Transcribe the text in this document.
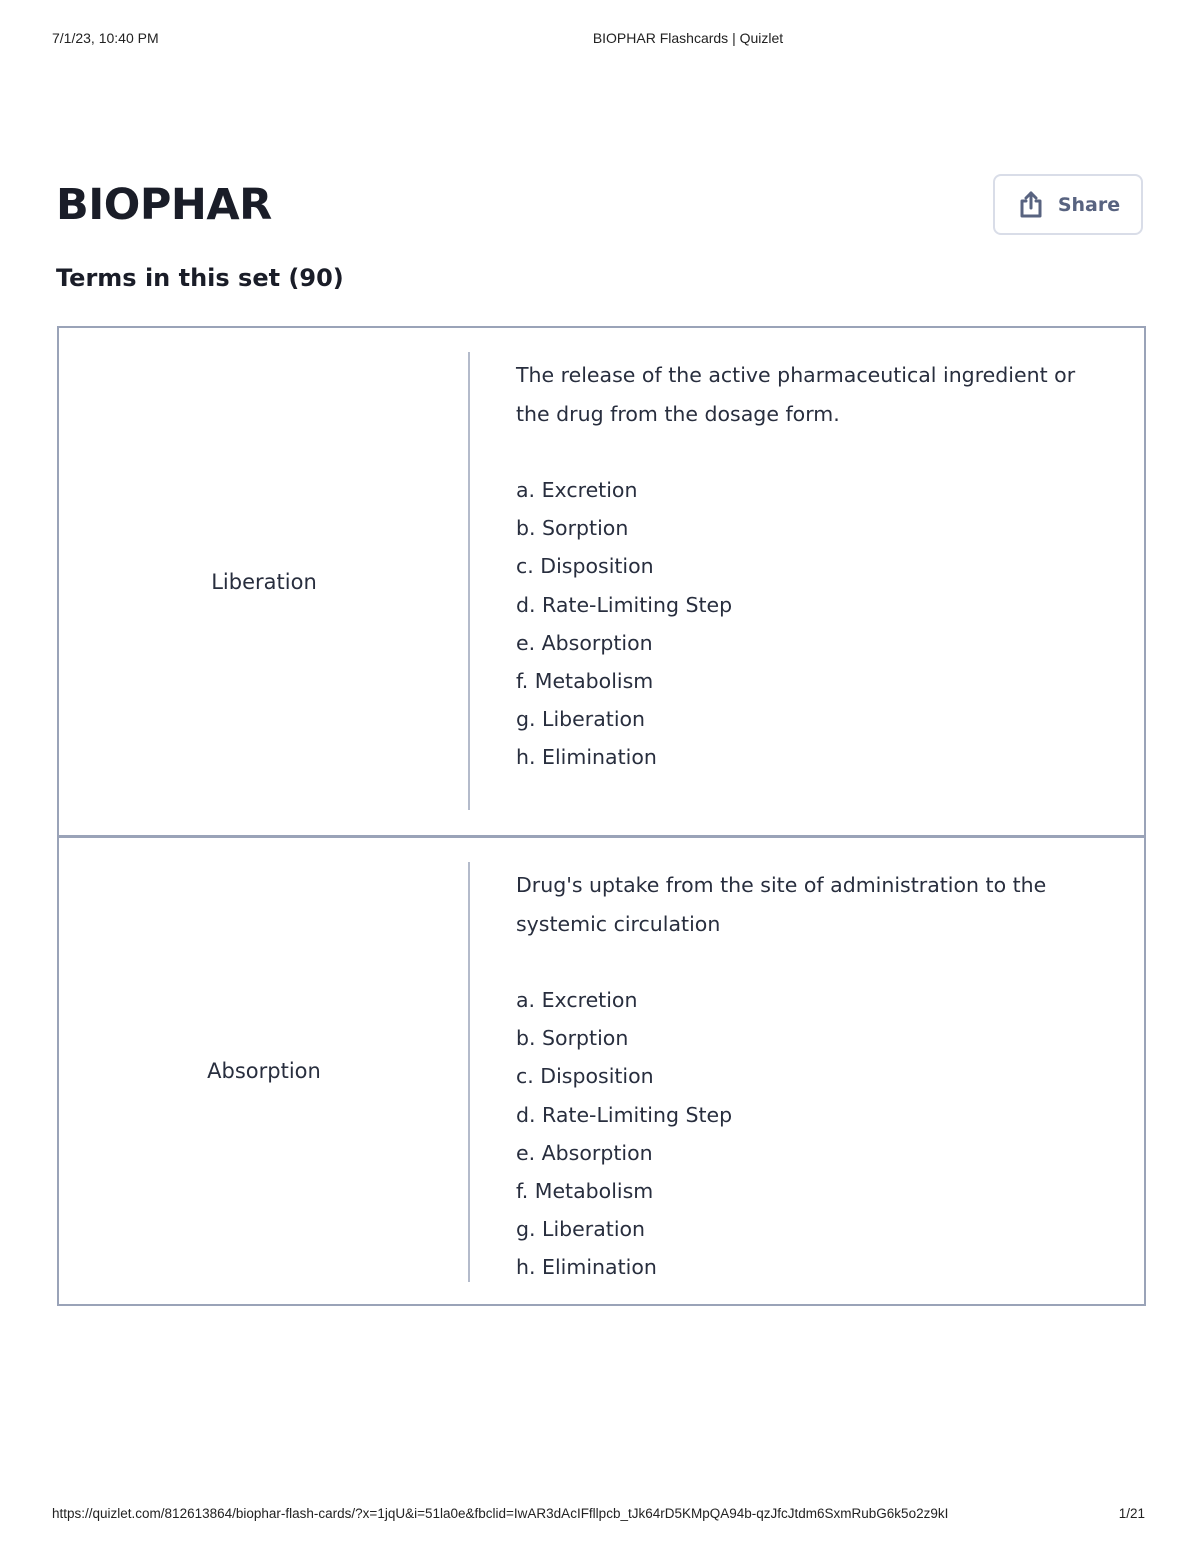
7/1/23, 10:40 PM	BIOPHAR Flashcards | Quizlet
BIOPHAR	Share
Terms in this set (90)
Liberation

The release of the active pharmaceutical ingredient or the drug from the dosage form.

a. Excretion
b. Sorption
c. Disposition
d. Rate-Limiting Step
e. Absorption
f. Metabolism
g. Liberation
h. Elimination
Absorption

Drug's uptake from the site of administration to the systemic circulation

a. Excretion
b. Sorption
c. Disposition
d. Rate-Limiting Step
e. Absorption
f. Metabolism
g. Liberation
h. Elimination
https://quizlet.com/812613864/biophar-flash-cards/?x=1jqU&i=51la0e&fbclid=IwAR3dAcIFfllpcb_tJk64rD5KMpQA94b-qzJfcJtdm6SxmRubG6k5o2z9kI	1/21
